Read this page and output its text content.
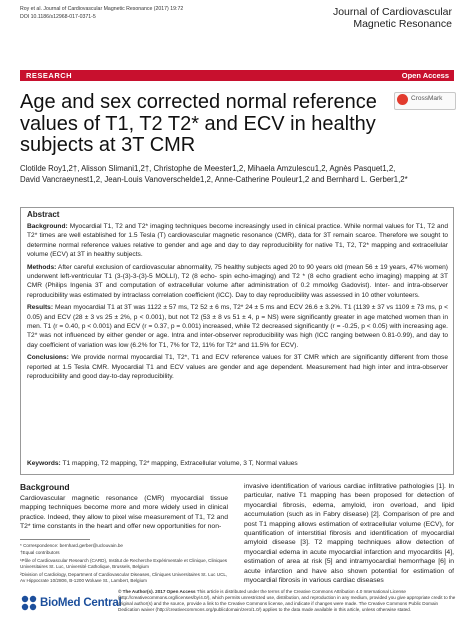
Roy et al. Journal of Cardiovascular Magnetic Resonance (2017) 19:72
DOI 10.1186/s12968-017-0371-5	Journal of Cardiovascular
Magnetic Resonance
RESEARCH	Open Access
Age and sex corrected normal reference values of T1, T2 T2* and ECV in healthy subjects at 3T CMR
CrossMark
Clotilde Roy1,2†, Alisson Slimani1,2†, Christophe de Meester1,2, Mihaela Amzulescu1,2, Agnès Pasquet1,2,
David Vancraeynest1,2, Jean-Louis Vanoverschelde1,2, Anne-Catherine Pouleur1,2 and Bernhard L. Gerber1,2*
Abstract

Background: Myocardial T1, T2 and T2* imaging techniques become increasingly used in clinical practice. While normal values for T1, T2 and T2* times are well established for 1.5 Tesla (T) cardiovascular magnetic resonance (CMR), data for 3T remain scarce. Therefore we sought to determine normal reference values relative to gender and age and day to day reproducibility for native T1, T2, T2* mapping and extracellular volume (ECV) at 3T in healthy subjects.

Methods: After careful exclusion of cardiovascular abnormality, 75 healthy subjects aged 20 to 90 years old (mean 56 ± 19 years, 47% women) underwent left-ventricular T1 (3-(3)-3-(3)-5 MOLLI), T2 (8 echo- spin echo-imaging) and T2 * (8 echo gradient echo imaging) mapping at 3T CMR (Philips Ingenia 3T and computation of extracellular volume after administration of 0.2 mmol/kg Gadovist). Inter- and intra-observer reproducibility was estimated by intraclass correlation coefficient (ICC). Day to day reproducibility was assessed in 10 other volunteers.

Results: Mean myocardial T1 at 3T was 1122 ± 57 ms, T2 52 ± 6 ms, T2* 24 ± 5 ms and ECV 26.6 ± 3.2%. T1 (1139 ± 37 vs 1109 ± 73 ms, p < 0.05) and ECV (28 ± 3 vs 25 ± 2%, p < 0.001), but not T2 (53 ± 8 vs 51 ± 4, p = NS) were significantly greater in age matched women than in men. T1 (r = 0.40, p < 0.001) and ECV (r = 0.37, p = 0.001) increased, while T2 decreased significantly (r = -0.25, p < 0.05) with increasing age. T2* was not influenced by either gender or age. Intra and inter-observer reproducibility was high (ICC ranging between 0.81-0.99), and day to day coefficient of variation was low (6.2% for T1, 7% for T2, 11% for T2* and 11.5% for ECV).

Conclusions: We provide normal myocardial T1, T2*, T1 and ECV reference values for 3T CMR which are significantly different from those reported at 1.5 Tesla CMR. Myocardial T1 and ECV values are gender and age dependent. Measurement had high inter and intra-observer reproducibility and good day-to-day reproducibility.

Keywords: T1 mapping, T2 mapping, T2* mapping, Extracellular volume, 3 T, Normal values
Background
Cardiovascular magnetic resonance (CMR) myocardial tissue mapping techniques become more and more widely used in clinical practice. Indeed, they allow to pixel wise measurement of T1, T2 and T2* time constants in the heart and offer new opportunities for non-
invasive identification of various cardiac infiltrative pathologies [1]. In particular, native T1 mapping has been proposed for detection of myocardial fibrosis, edema, amyloid, iron overload, and lipid accumulation (such as in Fabry disease) [2]. Comparison of pre and post T1 mapping allows estimation of extracellular volume (ECV), for quantification of interstitial fibrosis and identification of myocardial amyloid disease [3]. T2 mapping techniques allow detection of myocardial edema in acute myocardial infarction and myocarditis [4], estimation of area at risk [5] and intramyocardial hemorrhage [6] in acute infarction and have also shown potential for estimation of myocardial fibrosis in various cardiac diseases
* Correspondence: bernhard.gerber@uclouvain.be
†Equal contributors
¹Pôle of Cardiovascular Research (CARD), Institut de Recherche Expérimentale et Clinique, Cliniques Universitaires St. Luc, Université Catholique, Brussels, Belgium
²Division of Cardiology, Department of Cardiovascular Diseases, Cliniques Universitaires St. Luc UCL, Av Hippocrate 10/2806, B-1200 Woluwe St., Lambert, Belgium
BioMed Central
© The Author(s). 2017 Open Access This article is distributed under the terms of the Creative Commons Attribution 4.0 International License (http://creativecommons.org/licenses/by/4.0/), which permits unrestricted use, distribution, and reproduction in any medium, provided you give appropriate credit to the original author(s) and the source, provide a link to the Creative Commons license, and indicate if changes were made. The Creative Commons Public Domain Dedication waiver (http://creativecommons.org/publicdomain/zero/1.0/) applies to the data made available in this article, unless otherwise stated.
